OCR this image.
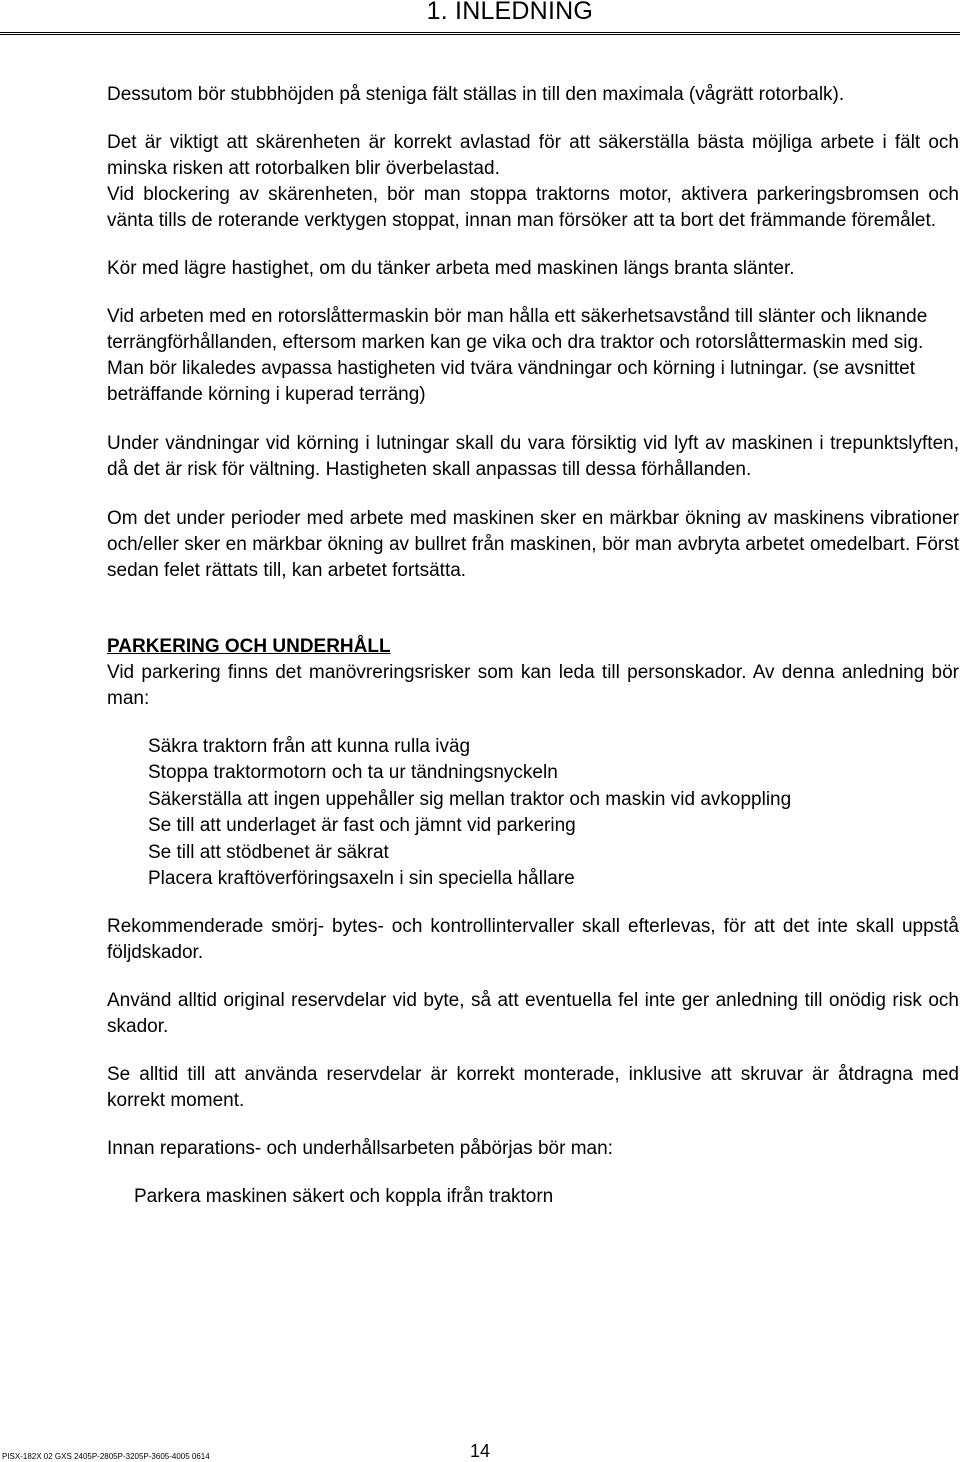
1. INLEDNING

Dessutom bör stubbhöjden på steniga fält ställas in till den maximala (vågrätt rotorbalk).

Det är viktigt att skärenheten är korrekt avlastad för att säkerställa bästa möjliga arbete i fält och minska risken att rotorbalken blir överbelastad.

Vid blockering av skärenheten, bör man stoppa traktorns motor, aktivera parkeringsbromsen och vänta tills de roterande verktygen stoppat, innan man försöker att ta bort det främmande föremålet.

Kör med lägre hastighet, om du tänker arbeta med maskinen längs branta slänter.

Vid arbeten med en rotorslåttermaskin bör man hålla ett säkerhetsavstånd till slänter och liknande terrängförhållanden, eftersom marken kan ge vika och dra traktor och rotorslåttermaskin med sig. Man bör likaledes avpassa hastigheten vid tvära vändningar och körning i lutningar. (se avsnittet beträffande körning i kuperad terräng)

Under vändningar vid körning i lutningar skall du vara försiktig vid lyft av maskinen i trepunktslyften, då det är risk för vältning. Hastigheten skall anpassas till dessa förhållanden.

Om det under perioder med arbete med maskinen sker en märkbar ökning av maskinens vibrationer och/eller sker en märkbar ökning av bullret från maskinen, bör man avbryta arbetet omedelbart. Först sedan felet rättats till, kan arbetet fortsätta.

PARKERING OCH UNDERHÅLL

Vid parkering finns det manövreringsrisker som kan leda till personskador. Av denna anledning bör man:

Säkra traktorn från att kunna rulla iväg
Stoppa traktormotorn och ta ur tändningsnyckeln
Säkerställa att ingen uppehåller sig mellan traktor och maskin vid avkoppling
Se till att underlaget är fast och jämnt vid parkering
Se till att stödbenet är säkrat
Placera kraftöverföringsaxeln i sin speciella hållare

Rekommenderade smörj- bytes- och kontrollintervaller skall efterlevas, för att det inte skall uppstå följdskador.

Använd alltid original reservdelar vid byte, så att eventuella fel inte ger anledning till onödig risk och skador.

Se alltid till att använda reservdelar är korrekt monterade, inklusive att skruvar är åtdragna med korrekt moment.

Innan reparations- och underhållsarbeten påbörjas bör man:

Parkera maskinen säkert och koppla ifrån traktorn
PISX-182X 02 GXS 2405P-2805P-3205P-3605-4005 0614	14
